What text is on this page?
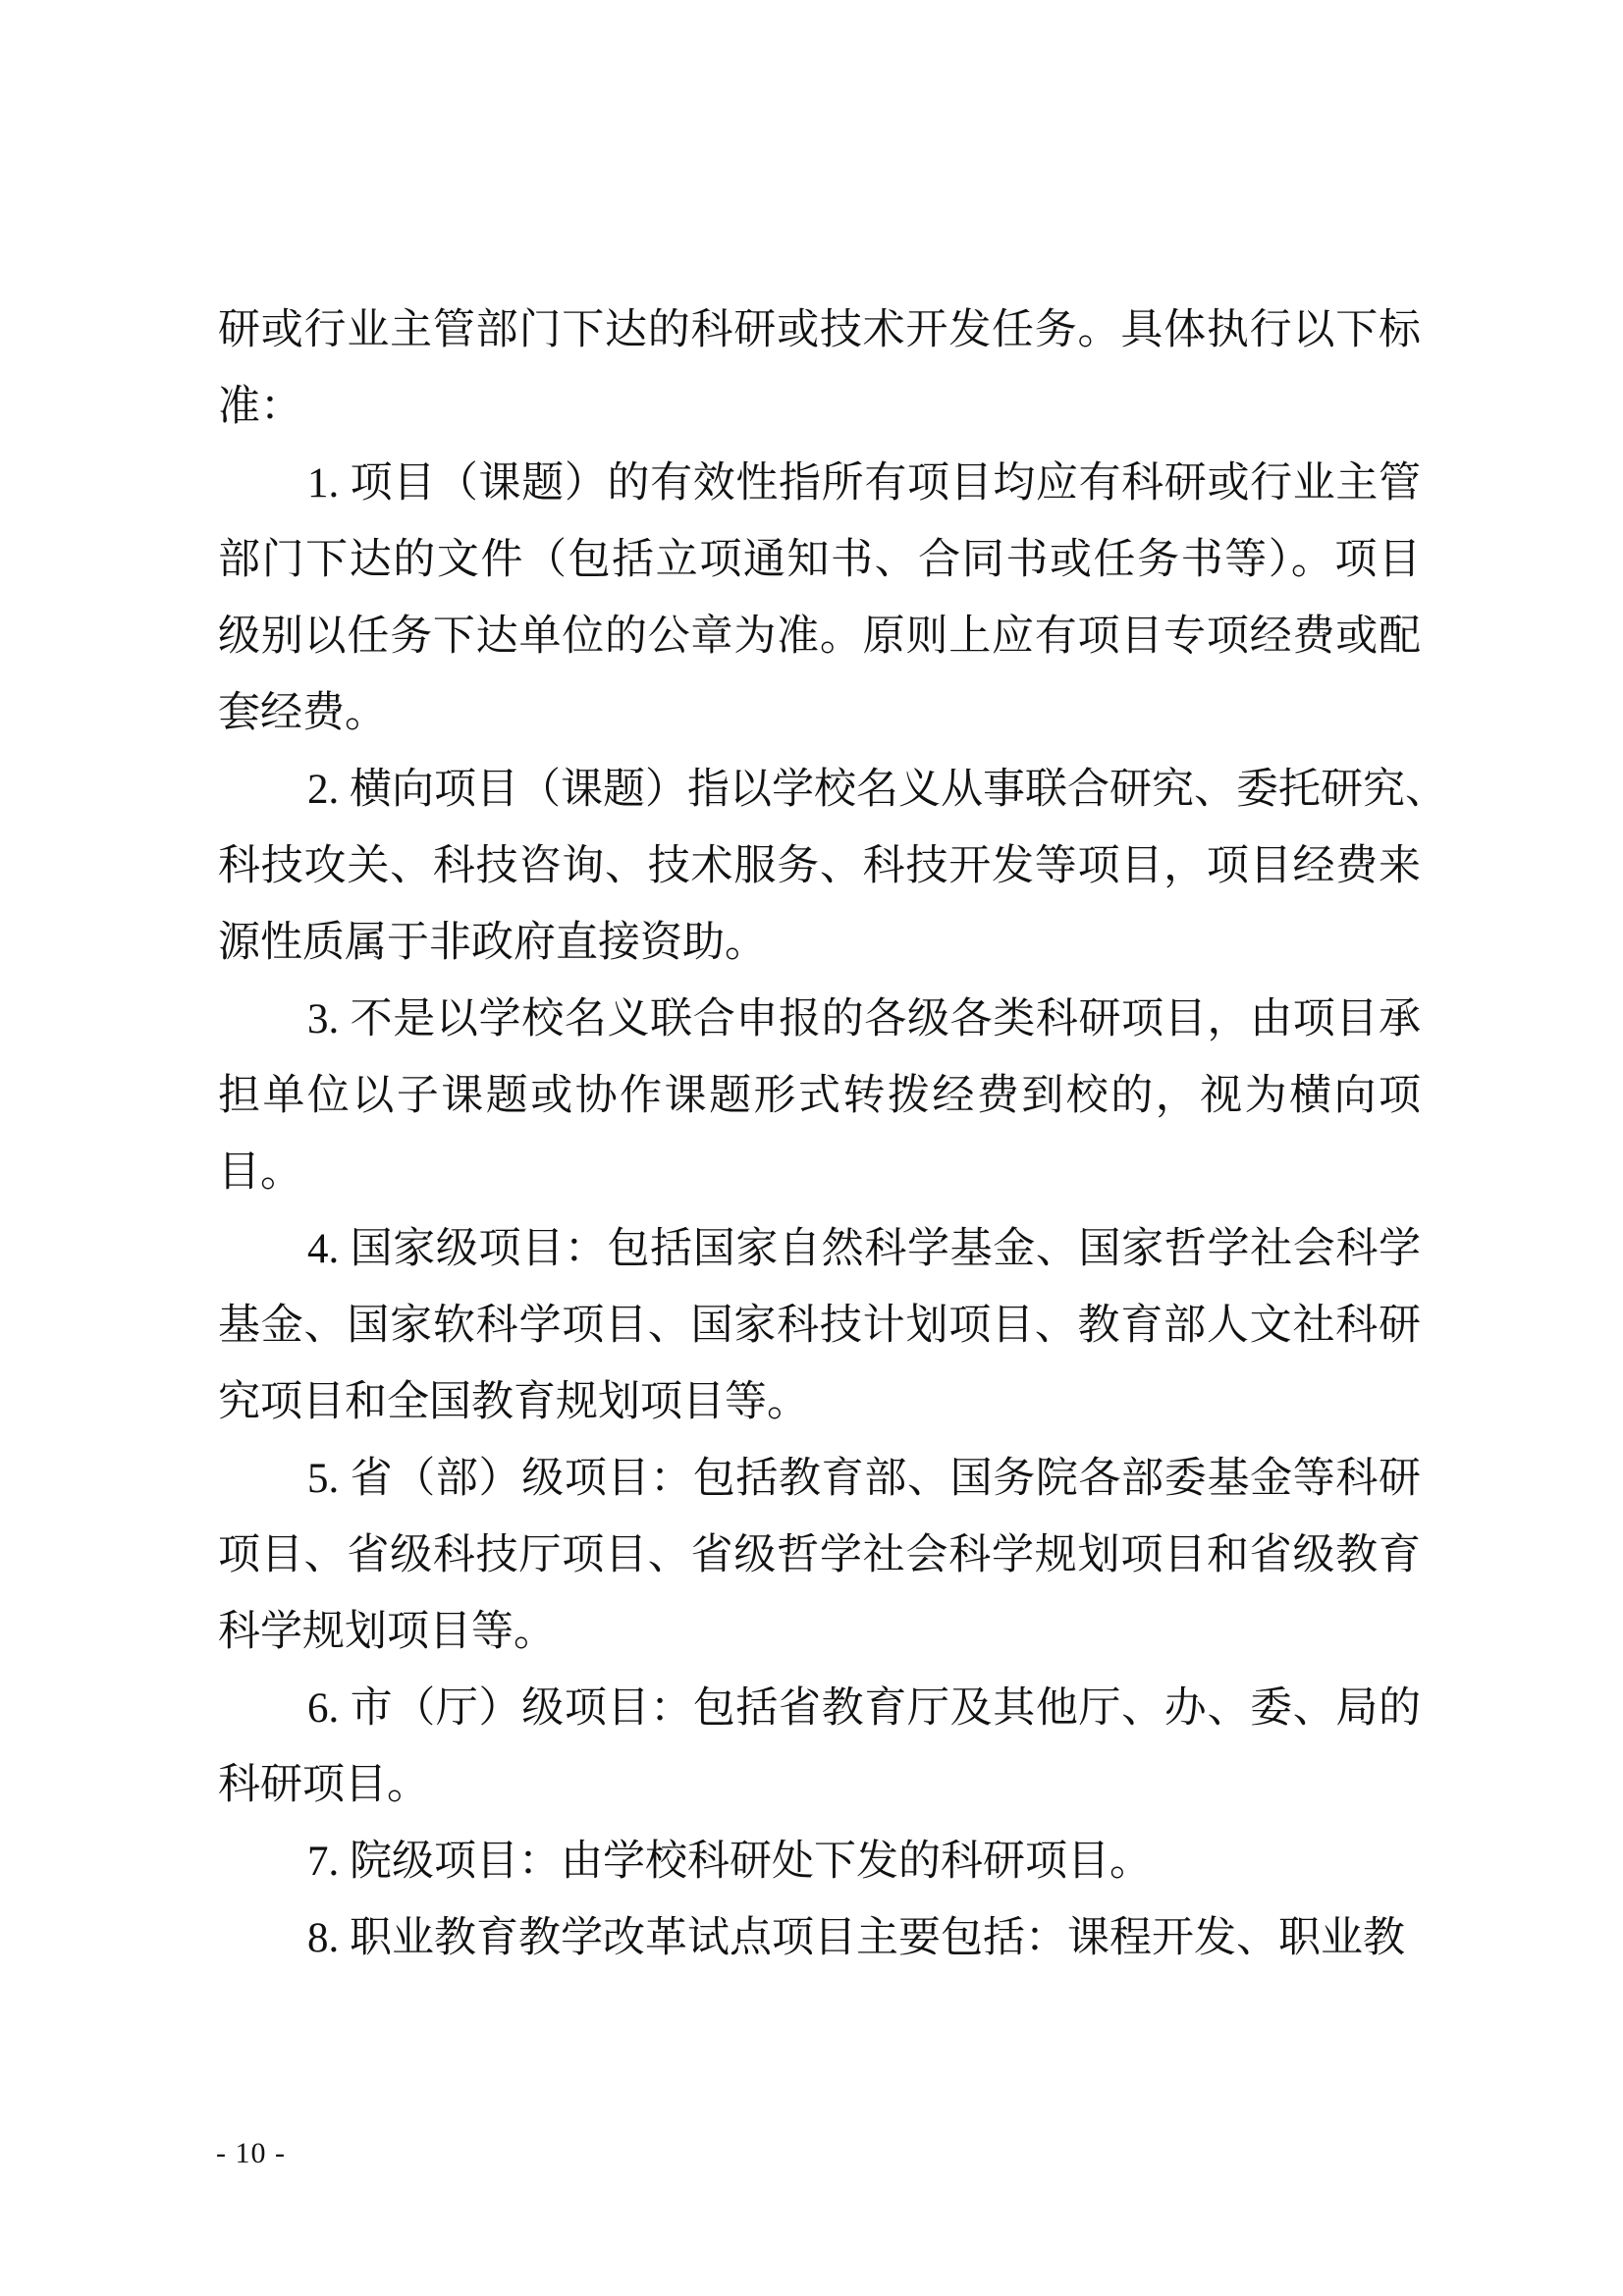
研或行业主管部门下达的科研或技术开发任务。具体执行以下标
准：
1. 项目（课题）的有效性指所有项目均应有科研或行业主管
部门下达的文件（包括立项通知书、合同书或任务书等）。项目
级别以任务下达单位的公章为准。原则上应有项目专项经费或配
套经费。
2. 横向项目（课题）指以学校名义从事联合研究、委托研究、
科技攻关、科技咨询、技术服务、科技开发等项目，项目经费来
源性质属于非政府直接资助。
3. 不是以学校名义联合申报的各级各类科研项目，由项目承
担单位以子课题或协作课题形式转拨经费到校的，视为横向项
目。
4. 国家级项目：包括国家自然科学基金、国家哲学社会科学
基金、国家软科学项目、国家科技计划项目、教育部人文社科研
究项目和全国教育规划项目等。
5. 省（部）级项目：包括教育部、国务院各部委基金等科研
项目、省级科技厅项目、省级哲学社会科学规划项目和省级教育
科学规划项目等。
6. 市（厅）级项目：包括省教育厅及其他厅、办、委、局的
科研项目。
7. 院级项目：由学校科研处下发的科研项目。
8. 职业教育教学改革试点项目主要包括：课程开发、职业教
- 10 -
